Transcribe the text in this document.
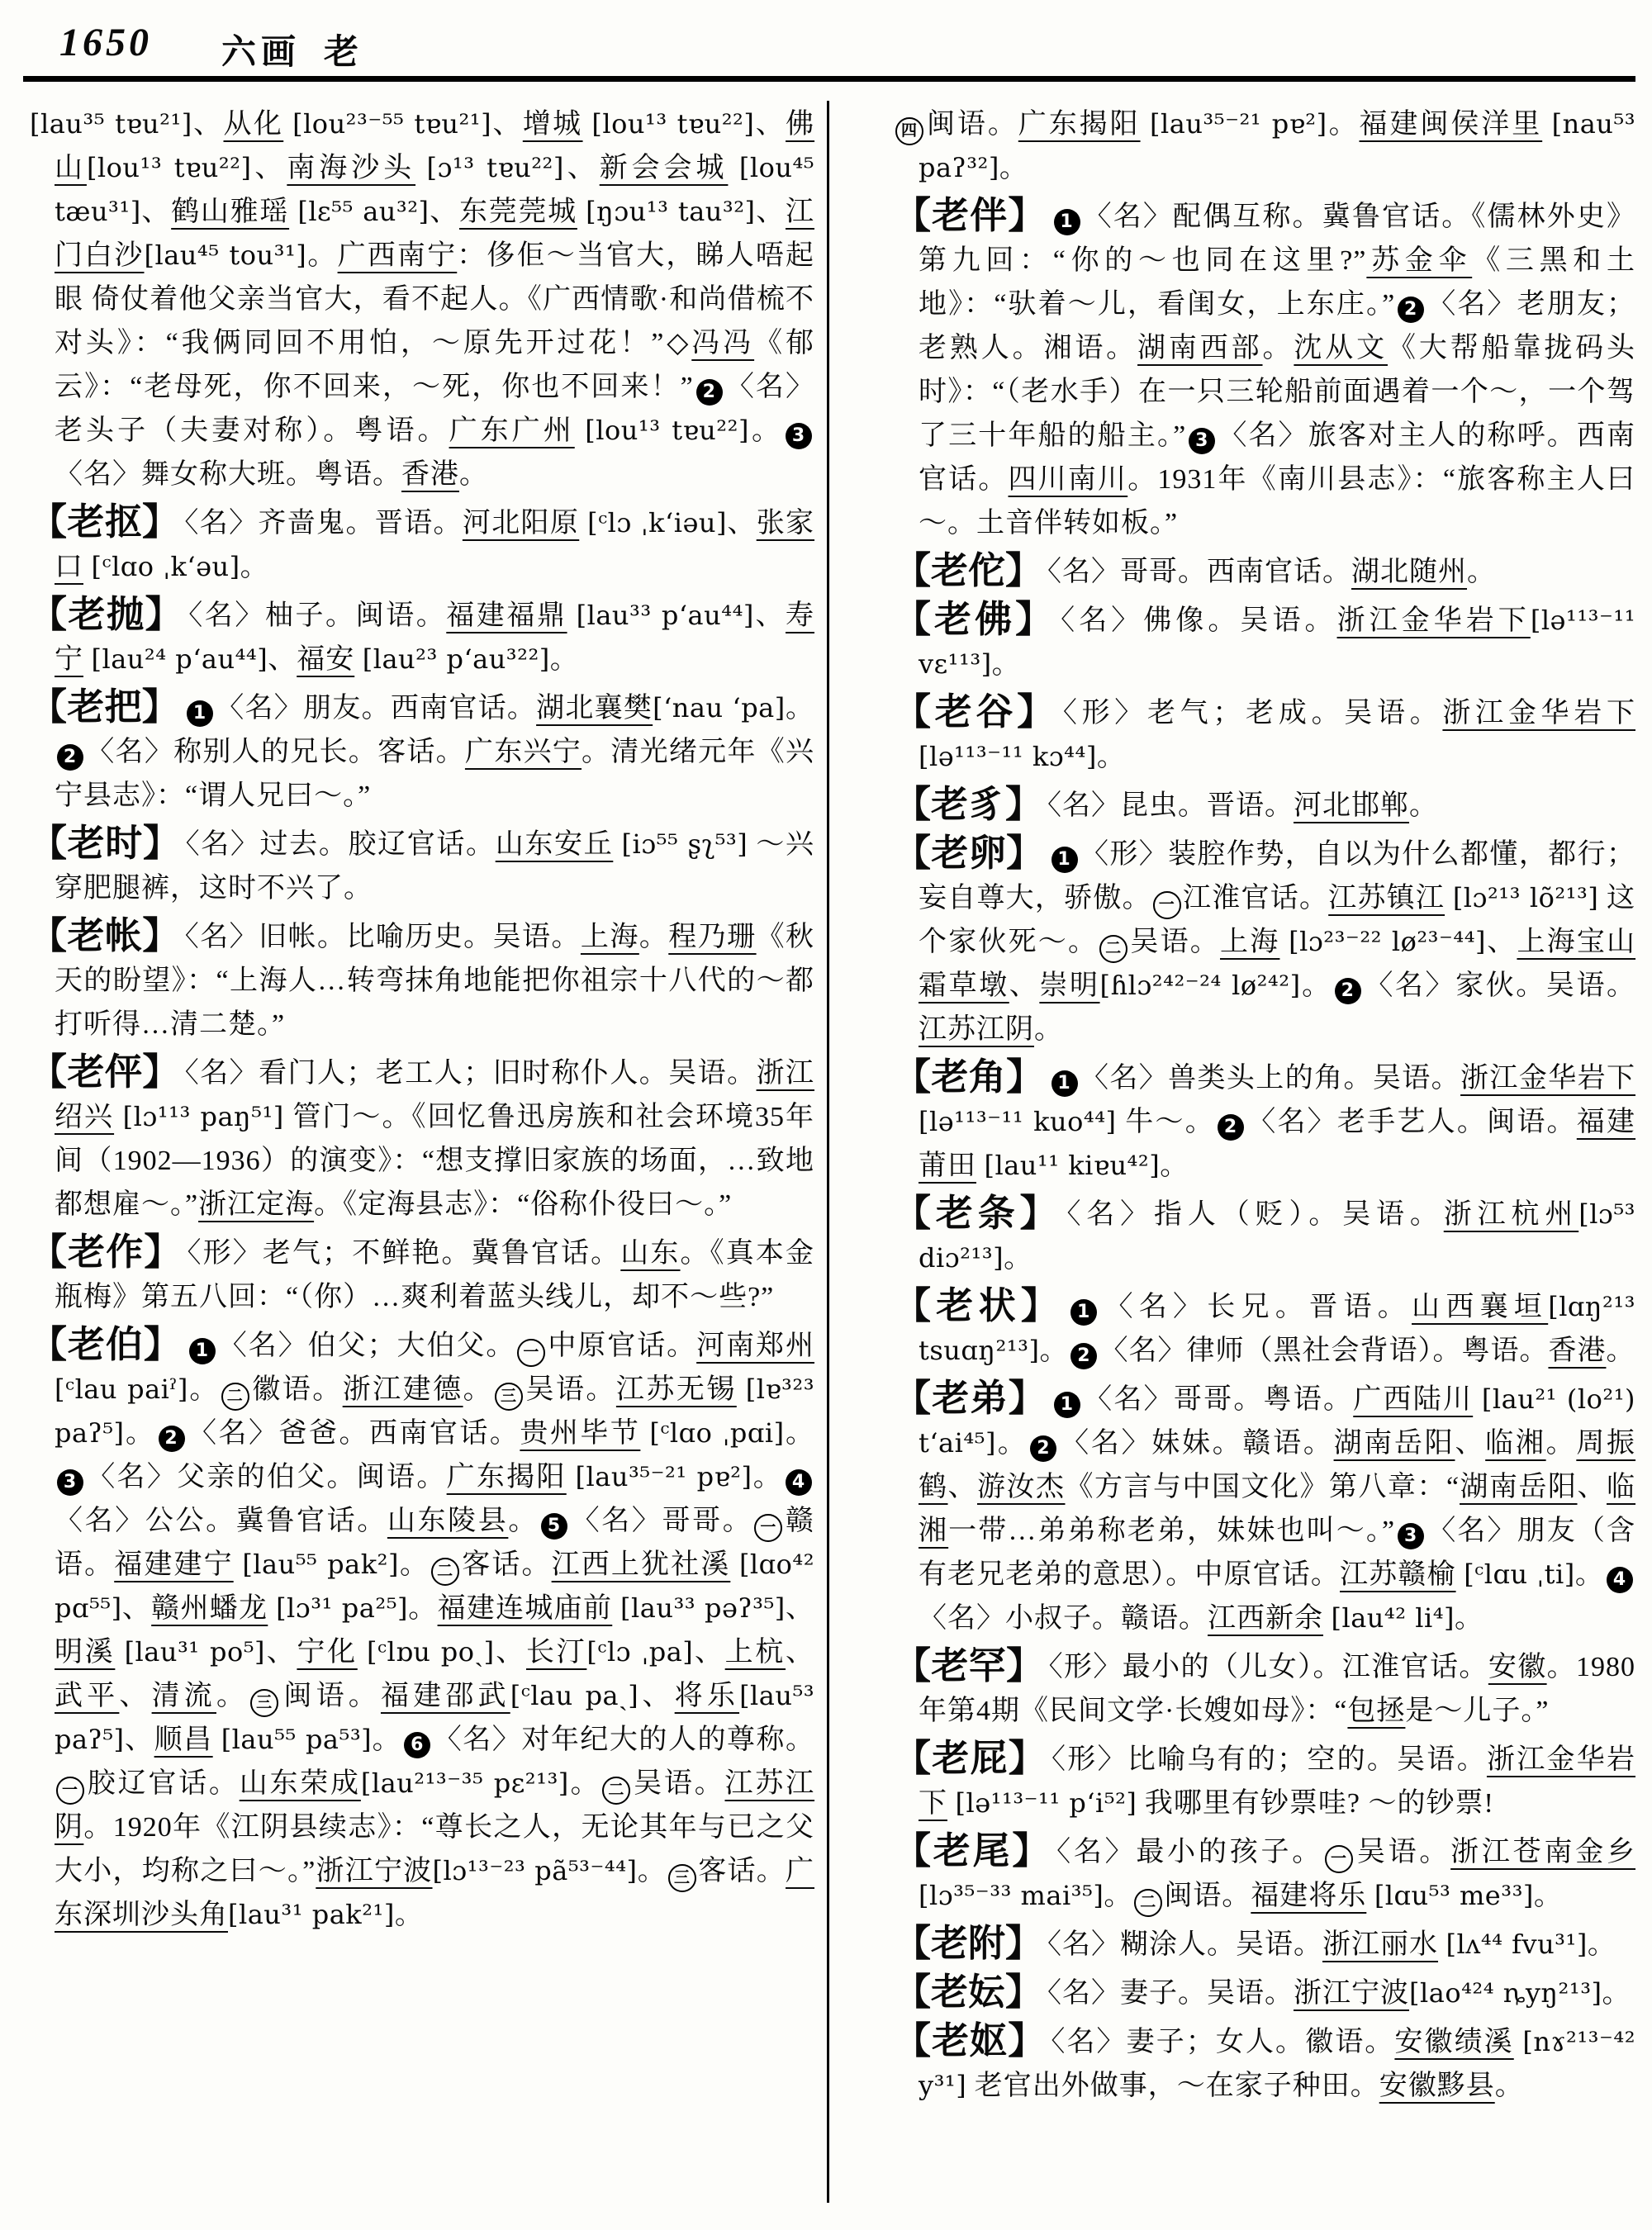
1650 六画 老
[lau³⁵ tɐu²¹]、从化 [lou²³⁻⁵⁵ tɐu²¹]、增城 [lou¹³ tɐu²²]、佛山[lou¹³ tɐu²²]、南海沙头 [ɔ¹³ tɐu²²]、新会会城 [lou⁴⁵ tæu³¹]、鹤山雅瑶 [lɛ⁵⁵ au³²]、东莞莞城 [ŋɔu¹³ tau³²]、江门白沙[lau⁴⁵ tou³¹]。广西南宁：侈佢～当官大，睇人唔起眼 倚仗着他父亲当官大，看不起人。《广西情歌·和尚借梳不对头》：“我俩同回不用怕，～原先开过花！”◇冯冯《郁云》：“老母死，你不回来，～死，你也不回来！” 2 〈名〉老头子（夫妻对称）。粤语。广东广州 [lou¹³ tɐu²²]。 3〈名〉舞女称大班。粤语。香港。
【老抠】 〈名〉齐啬鬼。晋语。河北阳原 [ᶜlɔ ˌkʻiəu]、张家口 [ᶜlɑo ˌkʻəu]。
【老抛】 〈名〉柚子。闽语。福建福鼎 [lau³³ pʻau⁴⁴]、寿宁 [lau²⁴ pʻau⁴⁴]、福安 [lau²³ pʻau³²²]。
【老把】 1 〈名〉朋友。西南官话。湖北襄樊[ʻnau ʻpa]。2 〈名〉称别人的兄长。客话。广东兴宁。清光绪元年《兴宁县志》：“谓人兄曰～。”
【老时】 〈名〉过去。胶辽官话。山东安丘 [iɔ⁵⁵ ʂʅ⁵³] ～兴穿肥腿裤，这时不兴了。
【老帐】 〈名〉旧帐。比喻历史。吴语。上海。程乃珊《秋天的盼望》：“上海人…转弯抹角地能把你祖宗十八代的～都打听得…清二楚。”
【老伻】 〈名〉看门人；老工人；旧时称仆人。吴语。浙江绍兴 [lɔ¹¹³ paŋ⁵¹] 管门～。《回忆鲁迅房族和社会环境35年间（1902—1936）的演变》：“想支撑旧家族的场面，…致地都想雇～。”浙江定海。《定海县志》：“俗称仆役曰～。”
【老作】 〈形〉老气；不鲜艳。冀鲁官话。山东。《真本金瓶梅》第五八回：“（你）…爽利着蓝头线儿，却不～些?”
【老伯】 1 〈名〉伯父；大伯父。 一 中原官话。河南郑州 [ᶜlau paiˀ]。 二 徽语。浙江建德。 三 吴语。江苏无锡 [lɐ³²³ paʔ⁵]。 2 〈名〉爸爸。西南官话。贵州毕节 [ᶜlɑo ˌpɑi]。3 〈名〉父亲的伯父。闽语。广东揭阳 [lau³⁵⁻²¹ pɐ²]。 4〈名〉公公。冀鲁官话。山东陵县。 5 〈名〉哥哥。 一 赣语。福建建宁 [lau⁵⁵ pak²]。 二 客话。江西上犹社溪 [lɑo⁴² pɑ⁵⁵]、赣州蟠龙 [lɔ³¹ pa²⁵]。福建连城庙前 [lau³³ pəʔ³⁵]、明溪 [lau³¹ po⁵]、宁化 [ᶜlɒu poˎ]、长汀[ᶜlɔ ˌpa]、上杭、武平、清流。 三 闽语。福建邵武[ᶜlau paˎ]、将乐[lau⁵³ paʔ⁵]、顺昌 [lau⁵⁵ pa⁵³]。 6 〈名〉对年纪大的人的尊称。一 胶辽官话。山东荣成[lau²¹³⁻³⁵ pɛ²¹³]。 二 吴语。江苏江阴。1920年《江阴县续志》：“尊长之人，无论其年与已之父大小，均称之曰～。”浙江宁波[lɔ¹³⁻²³ pã⁵³⁻⁴⁴]。 三 客话。广东深圳沙头角[lau³¹ pak²¹]。
四 闽语。广东揭阳 [lau³⁵⁻²¹ pɐ²]。福建闽侯洋里 [nau⁵³ paʔ³²]。
【老伴】 1 〈名〉配偶互称。冀鲁官话。《儒林外史》第九回：“你的～也同在这里?”苏金伞《三黑和土地》：“驮着～儿，看闺女，上东庄。” 2 〈名〉老朋友；老熟人。湘语。湖南西部。沈从文《大帮船靠拢码头时》：“（老水手）在一只三轮船前面遇着一个～，一个驾了三十年船的船主。” 3 〈名〉旅客对主人的称呼。西南官话。四川南川。1931年《南川县志》：“旅客称主人曰～。土音伴转如板。”
【老佗】 〈名〉哥哥。西南官话。湖北随州。
【老佛】 〈名〉佛像。吴语。浙江金华岩下[lə¹¹³⁻¹¹ vɛ¹¹³]。
【老谷】 〈形〉老气；老成。吴语。浙江金华岩下 [lə¹¹³⁻¹¹ kɔ⁴⁴]。
【老豸】 〈名〉昆虫。晋语。河北邯郸。
【老卵】 1 〈形〉装腔作势，自以为什么都懂，都行；妄自尊大，骄傲。 一 江淮官话。江苏镇江 [lɔ²¹³ lõ²¹³] 这个家伙死～。 二 吴语。上海 [lɔ²³⁻²² lø²³⁻⁴⁴]、上海宝山霜草墩、崇明[ɦlɔ²⁴²⁻²⁴ lø²⁴²]。 2 〈名〉家伙。吴语。江苏江阴。
【老角】 1 〈名〉兽类头上的角。吴语。浙江金华岩下 [lə¹¹³⁻¹¹ kuo⁴⁴] 牛～。 2 〈名〉老手艺人。闽语。福建莆田 [lau¹¹ kiɐu⁴²]。
【老条】 〈名〉指人（贬）。吴语。浙江杭州[lɔ⁵³ diɔ²¹³]。
【老状】 1 〈名〉长兄。晋语。山西襄垣[lɑŋ²¹³ tsuɑŋ²¹³]。 2 〈名〉律师（黑社会背语）。粤语。香港。
【老弟】 1 〈名〉哥哥。粤语。广西陆川 [lau²¹ (lo²¹) tʻai⁴⁵]。 2 〈名〉妹妹。赣语。湖南岳阳、临湘。周振鹤、游汝杰《方言与中国文化》第八章：“湖南岳阳、临湘一带…弟弟称老弟，妹妹也叫～。” 3 〈名〉朋友（含有老兄老弟的意思）。中原官话。江苏赣榆 [ᶜlɑu ˌti]。 4〈名〉小叔子。赣语。江西新余 [lau⁴² li⁴]。
【老罕】 〈形〉最小的（儿女）。江淮官话。安徽。1980年第4期《民间文学·长嫂如母》：“包拯是～儿子。”
【老屁】 〈形〉比喻乌有的；空的。吴语。浙江金华岩下 [lə¹¹³⁻¹¹ pʻi⁵²] 我哪里有钞票哇? ～的钞票!
【老尾】 〈名〉最小的孩子。 一 吴语。浙江苍南金乡 [lɔ³⁵⁻³³ mai³⁵]。 二 闽语。福建将乐 [lɑu⁵³ me³³]。
【老附】 〈名〉糊涂人。吴语。浙江丽水 [lʌ⁴⁴ fvu³¹]。
【老妘】 〈名〉妻子。吴语。浙江宁波[lao⁴²⁴ ȵyŋ²¹³]。
【老妪】 〈名〉妻子；女人。徽语。安徽绩溪 [nɤ²¹³⁻⁴² y³¹] 老官出外做事，～在家子种田。安徽黟县。
